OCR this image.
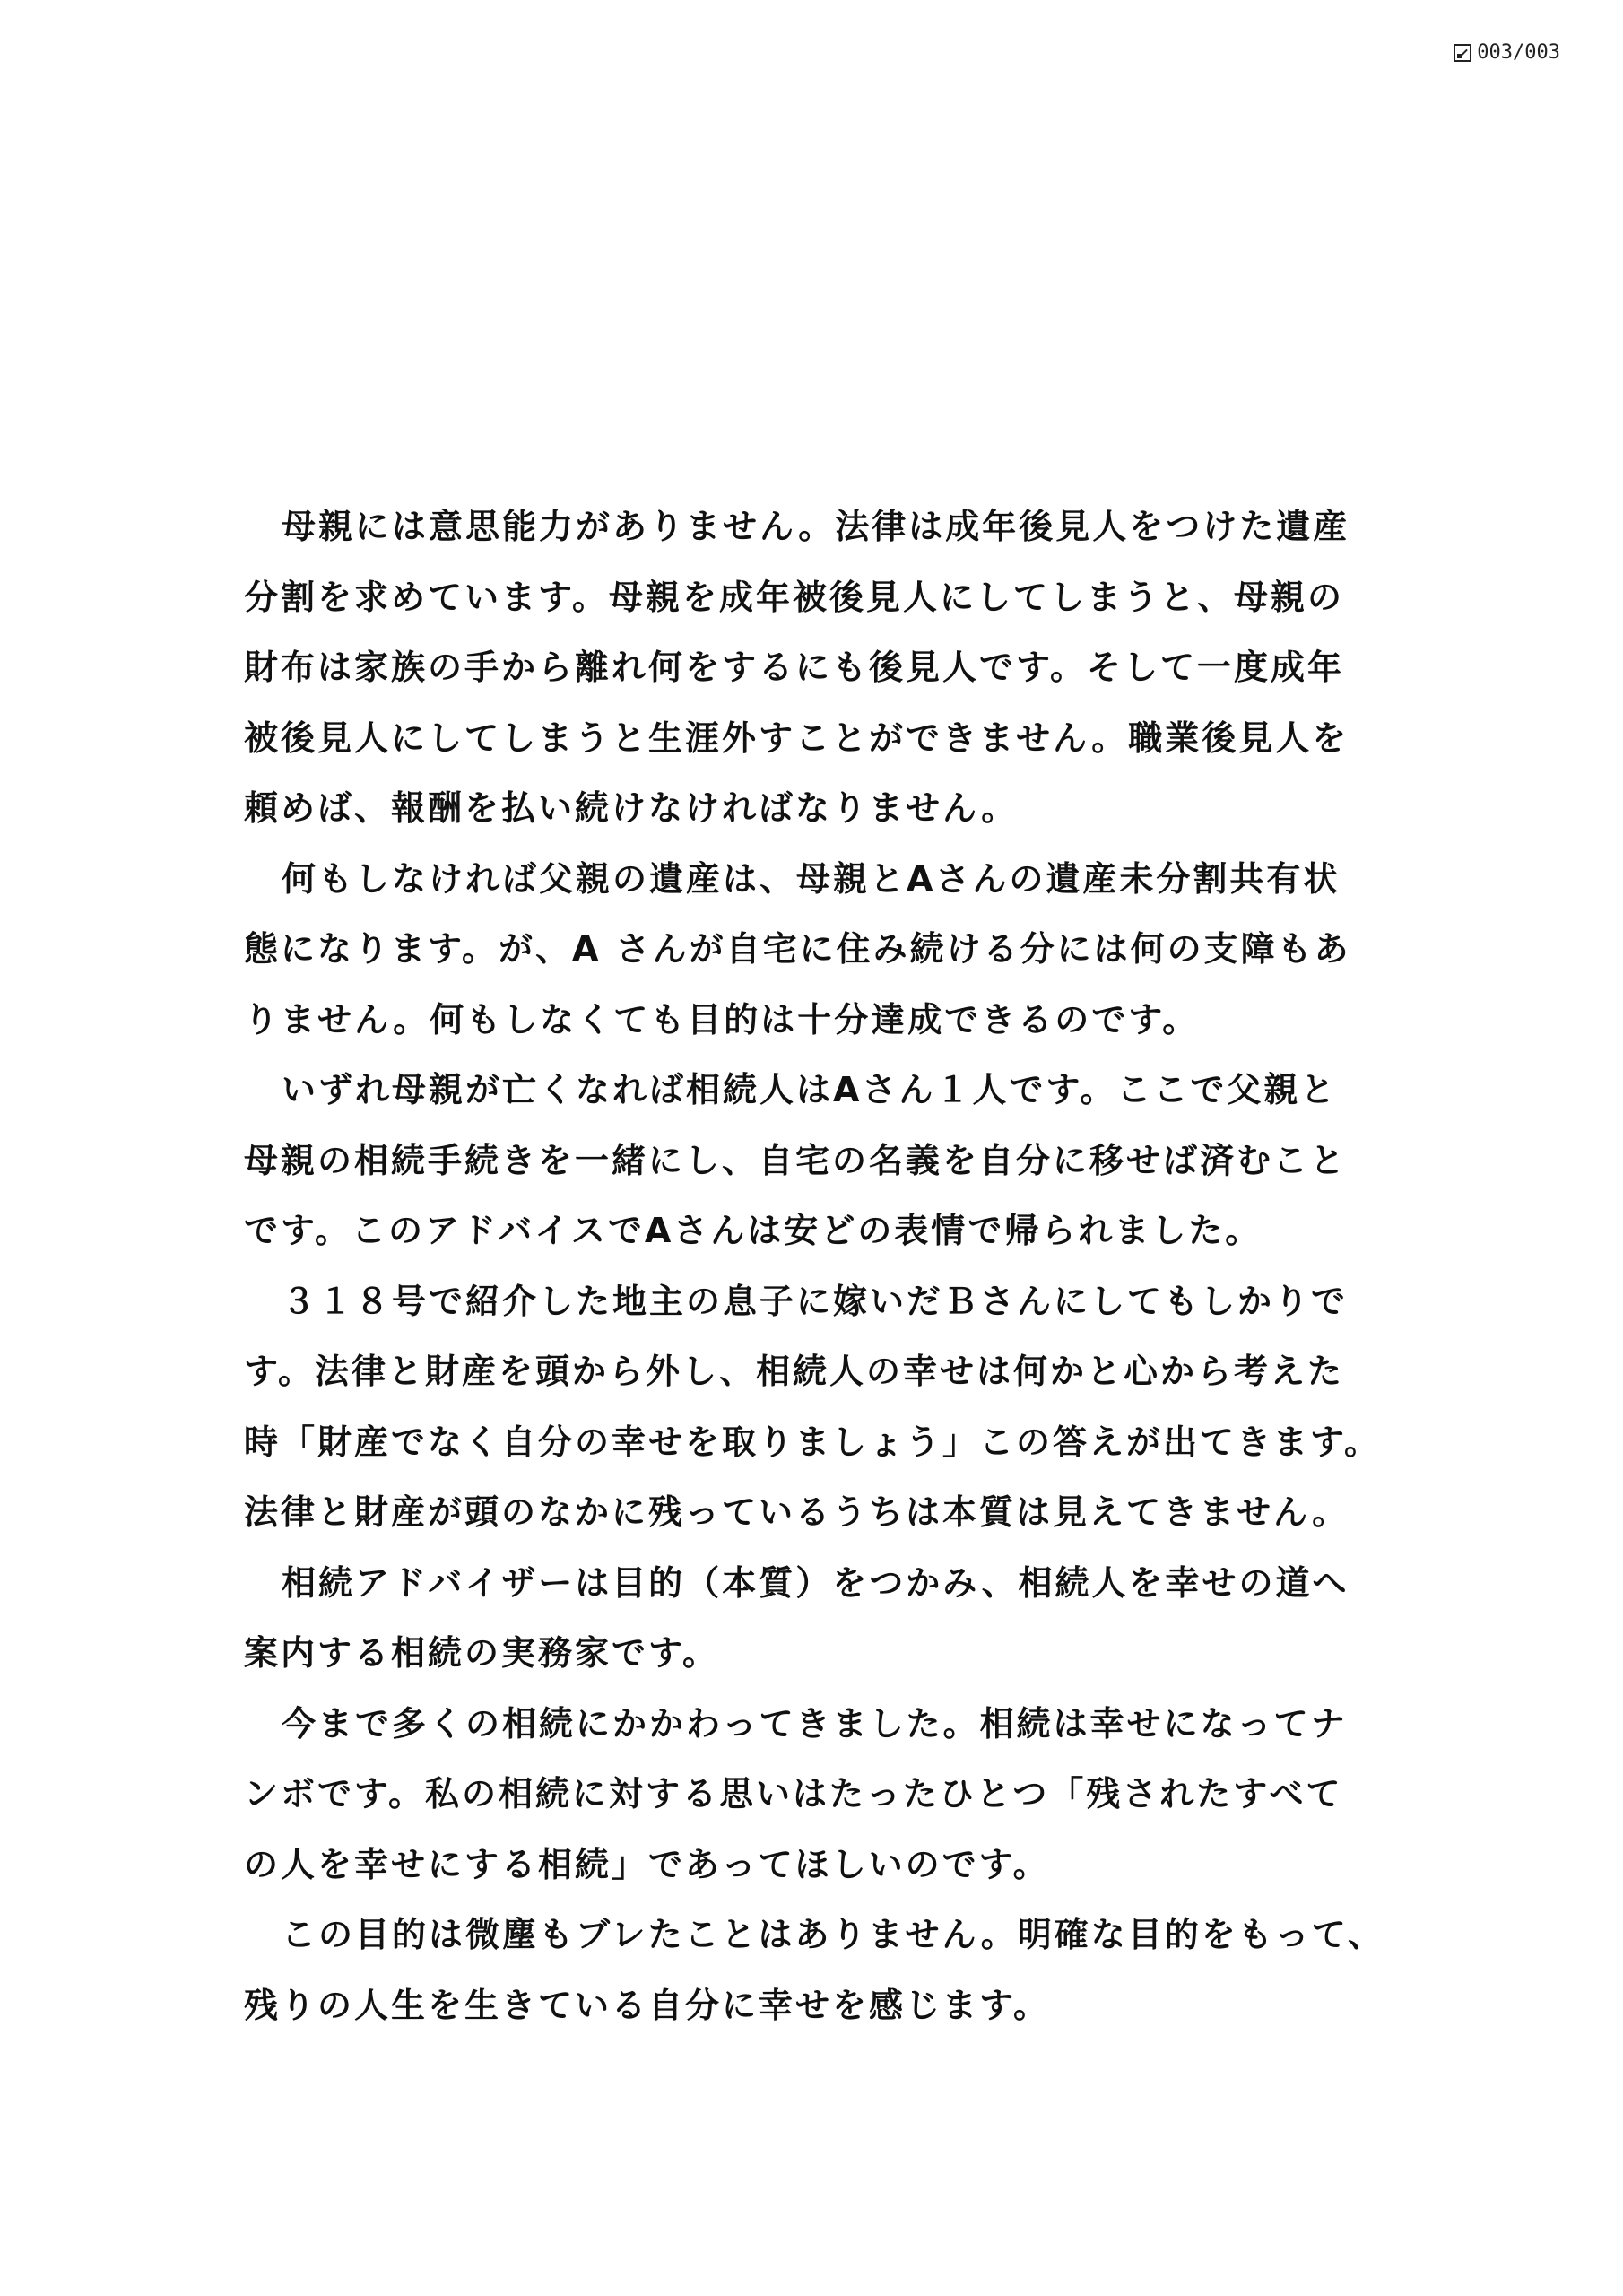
003/003

母親には意思能力がありません。法律は成年後見人をつけた遺産
分割を求めています。母親を成年被後見人にしてしまうと、母親の
財布は家族の手から離れ何をするにも後見人です。そして一度成年
被後見人にしてしまうと生涯外すことができません。職業後見人を
頼めば、報酬を払い続けなければなりません。

何もしなければ父親の遺産は、母親とAさんの遺産未分割共有状
態になります。が、A さんが自宅に住み続ける分には何の支障もあ
りません。何もしなくても目的は十分達成できるのです。

いずれ母親が亡くなれば相続人はAさん１人です。ここで父親と
母親の相続手続きを一緒にし、自宅の名義を自分に移せば済むこと
です。このアドバイスでAさんは安どの表情で帰られました。

３１８号で紹介した地主の息子に嫁いだＢさんにしてもしかりで
す。法律と財産を頭から外し、相続人の幸せは何かと心から考えた
時「財産でなく自分の幸せを取りましょう」この答えが出てきます。
法律と財産が頭のなかに残っているうちは本質は見えてきません。

相続アドバイザーは目的（本質）をつかみ、相続人を幸せの道へ
案内する相続の実務家です。

今まで多くの相続にかかわってきました。相続は幸せになってナ
ンボです。私の相続に対する思いはたったひとつ「残されたすべて
の人を幸せにする相続」であってほしいのです。

この目的は微塵もブレたことはありません。明確な目的をもって、
残りの人生を生きている自分に幸せを感じます。
